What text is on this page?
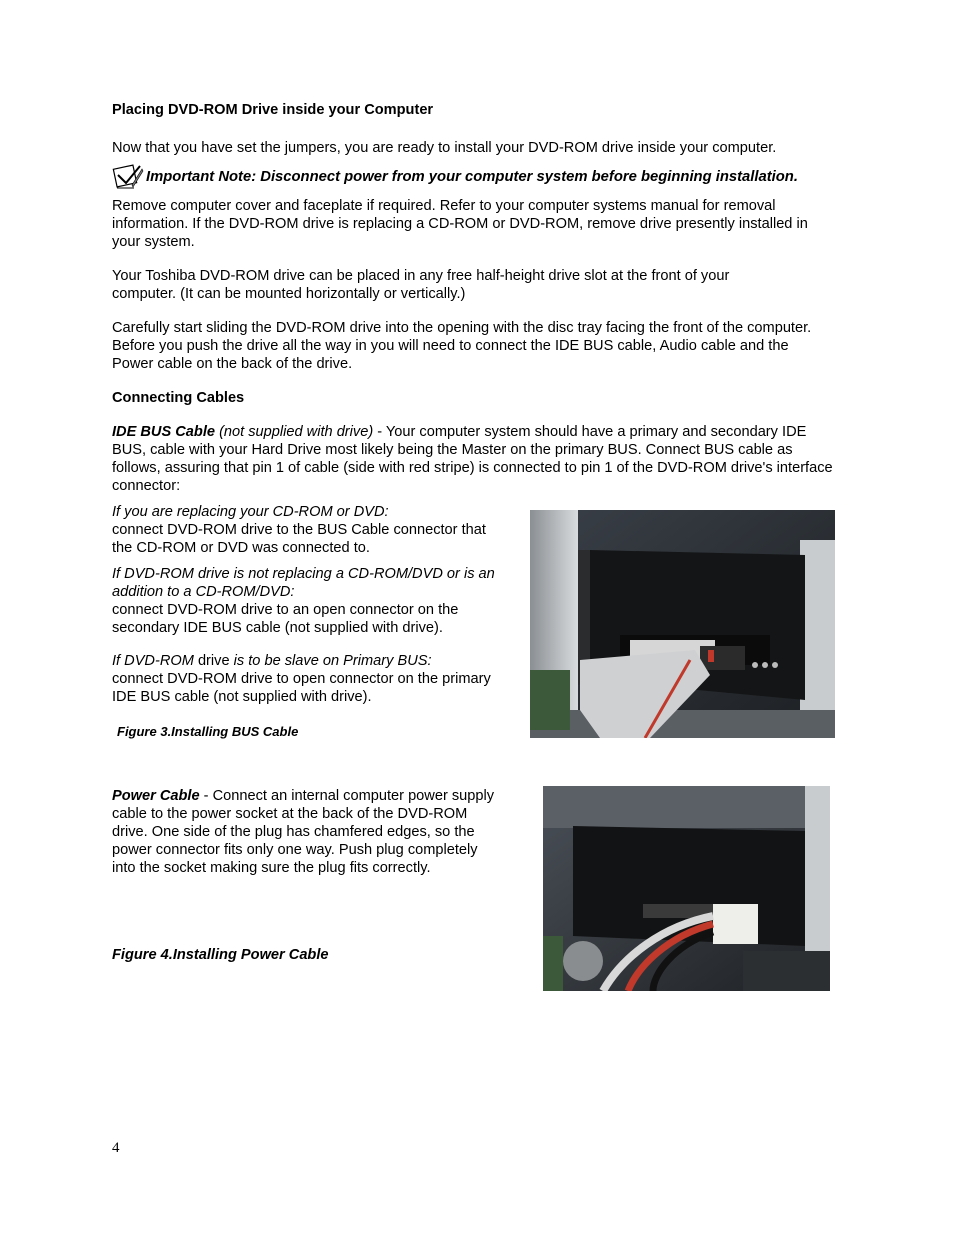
Placing DVD-ROM Drive inside your Computer

Now that you have set the jumpers, you are ready to install your DVD-ROM drive inside your computer.

Important Note: Disconnect power from your computer system before beginning installation.

Remove computer cover and faceplate if required. Refer to your computer systems manual for removal information. If the DVD-ROM drive is replacing a CD-ROM or DVD-ROM, remove drive presently installed in your system.

Your Toshiba DVD-ROM drive can be placed in any free half-height drive slot at the front of your computer. (It can be mounted horizontally or vertically.)

Carefully start sliding the DVD-ROM drive into the opening with the disc tray facing the front of the computer. Before you push the drive all the way in you will need to connect the IDE BUS cable, Audio cable and the Power cable on the back of the drive.

Connecting Cables

IDE BUS Cable (not supplied with drive) - Your computer system should have a primary and secondary IDE BUS, cable with your Hard Drive most likely being the Master on the primary BUS. Connect BUS cable as follows, assuring that pin 1 of cable (side with red stripe) is connected to pin 1 of the DVD-ROM drive's interface connector:

If you are replacing your CD-ROM or DVD:

connect DVD-ROM drive to the BUS Cable connector that the CD-ROM or DVD was connected to.

If DVD-ROM drive is not replacing a CD-ROM/DVD or is an addition to a CD-ROM/DVD:

connect DVD-ROM drive to an open connector on the secondary IDE BUS cable (not supplied with drive).

If DVD-ROM drive is to be slave on Primary BUS:

connect DVD-ROM drive to open connector on the primary IDE BUS cable (not supplied with drive).

Figure 3.Installing BUS Cable

Power Cable - Connect an internal computer power supply cable to the power socket at the back of the DVD-ROM drive. One side of the plug has chamfered edges, so the power connector fits only one way. Push plug completely into the socket making sure the plug fits correctly.

Figure 4.Installing Power Cable

4
